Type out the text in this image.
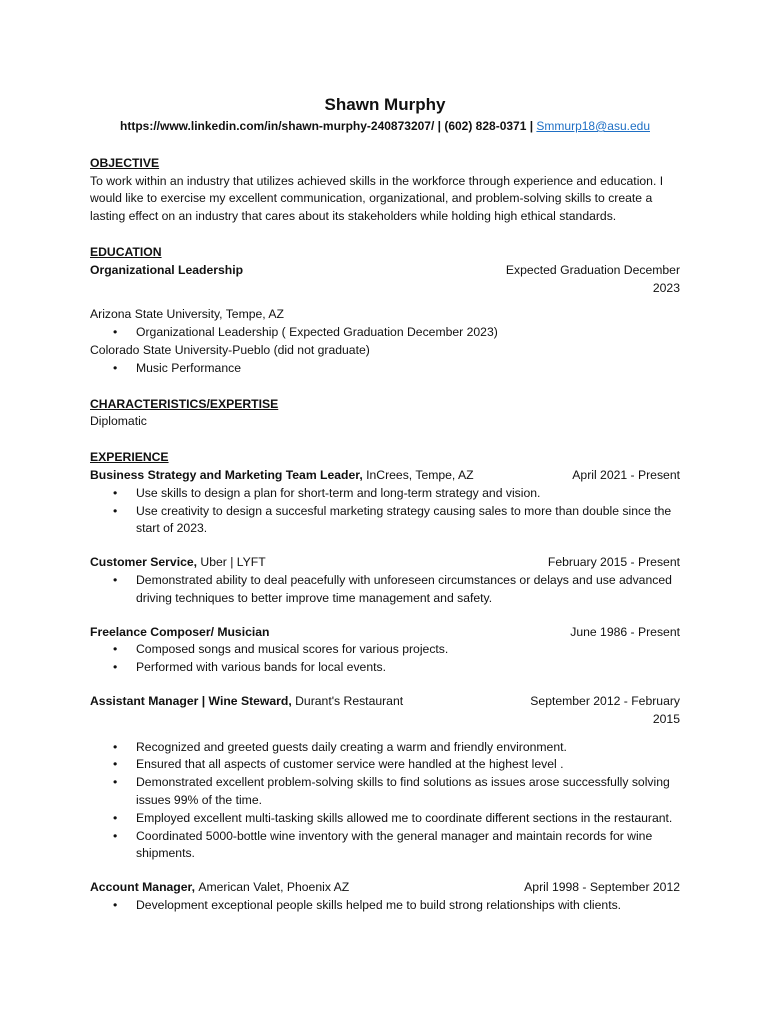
Shawn Murphy
https://www.linkedin.com/in/shawn-murphy-240873207/ | (602) 828-0371 | Smmurp18@asu.edu
OBJECTIVE

To work within an industry that utilizes achieved skills in the workforce through experience and education. I would like to exercise my excellent communication, organizational, and problem-solving skills to create a lasting effect on an industry that cares about its stakeholders while holding high ethical standards.

EDUCATION
Organizational Leadership	Expected Graduation December 2023
Arizona State University, Tempe, AZ
• Organizational Leadership ( Expected Graduation December 2023)
Colorado State University-Pueblo (did not graduate)
• Music Performance
CHARACTERISTICS/EXPERTISE
Diplomatic
EXPERIENCE
Business Strategy and Marketing Team Leader, InCrees, Tempe, AZ	April 2021 - Present
• Use skills to design a plan for short-term and long-term strategy and vision.
• Use creativity to design a succesful marketing strategy causing sales to more than double since the start of 2023.
Customer Service, Uber | LYFT	February 2015 - Present
• Demonstrated ability to deal peacefully with unforeseen circumstances or delays and use advanced driving techniques to better improve time management and safety.
Freelance Composer/ Musician	June 1986 - Present
• Composed songs and musical scores for various projects.
• Performed with various bands for local events.
Assistant Manager | Wine Steward, Durant's Restaurant	September 2012 - February 2015
• Recognized and greeted guests daily creating a warm and friendly environment.
• Ensured that all aspects of customer service were handled at the highest level .
• Demonstrated excellent problem-solving skills to find solutions as issues arose successfully solving issues 99% of the time.
• Employed excellent multi-tasking skills allowed me to coordinate different sections in the restaurant.
• Coordinated 5000-bottle wine inventory with the general manager and maintain records for wine shipments.
Account Manager, American Valet, Phoenix AZ	April 1998 - September 2012
• Development exceptional people skills helped me to build strong relationships with clients.
